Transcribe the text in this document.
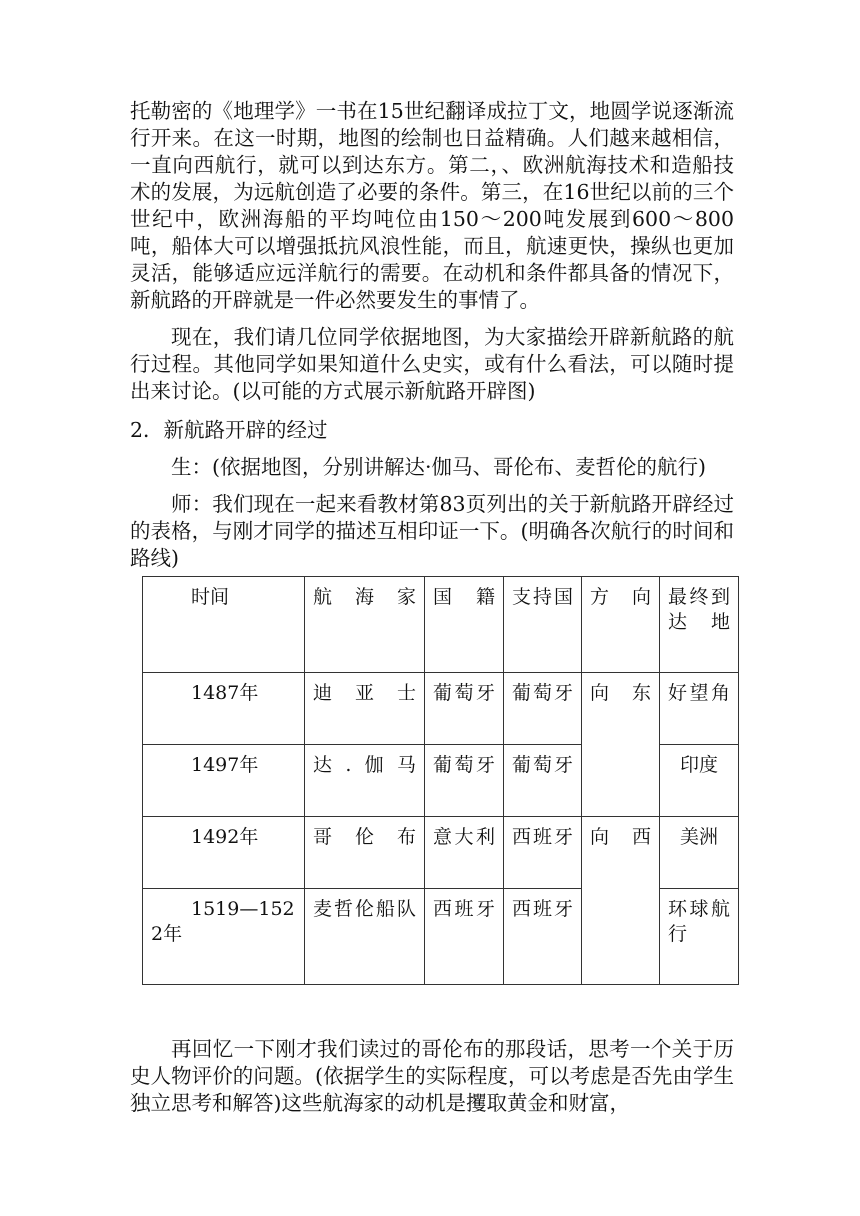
托勒密的《地理学》一书在15世纪翻译成拉丁文，地圆学说逐渐流行开来。在这一时期，地图的绘制也日益精确。人们越来越相信，一直向西航行，就可以到达东方。第二，、欧洲航海技术和造船技术的发展，为远航创造了必要的条件。第三，在16世纪以前的三个世纪中，欧洲海船的平均吨位由150～200吨发展到600～800吨，船体大可以增强抵抗风浪性能，而且，航速更快，操纵也更加灵活，能够适应远洋航行的需要。在动机和条件都具备的情况下，新航路的开辟就是一件必然要发生的事情了。

现在，我们请几位同学依据地图，为大家描绘开辟新航路的航行过程。其他同学如果知道什么史实，或有什么看法，可以随时提出来讨论。(以可能的方式展示新航路开辟图)

2．新航路开辟的经过

生：(依据地图，分别讲解达·伽马、哥伦布、麦哲伦的航行)

师：我们现在一起来看教材第83页列出的关于新航路开辟经过的表格，与刚才同学的描述互相印证一下。(明确各次航行的时间和路线)

时间	航海家	国籍	支持国	方向	最终到达地
1487年	迪亚士	葡萄牙	葡萄牙	向东	好望角
1497年	达.伽马	葡萄牙	葡萄牙		印度
1492年	哥伦布	意大利	西班牙	向西	美洲
1519—1522年	麦哲伦船队	西班牙	西班牙		环球航行

再回忆一下刚才我们读过的哥伦布的那段话，思考一个关于历史人物评价的问题。(依据学生的实际程度，可以考虑是否先由学生独立思考和解答)这些航海家的动机是攫取黄金和财富，
